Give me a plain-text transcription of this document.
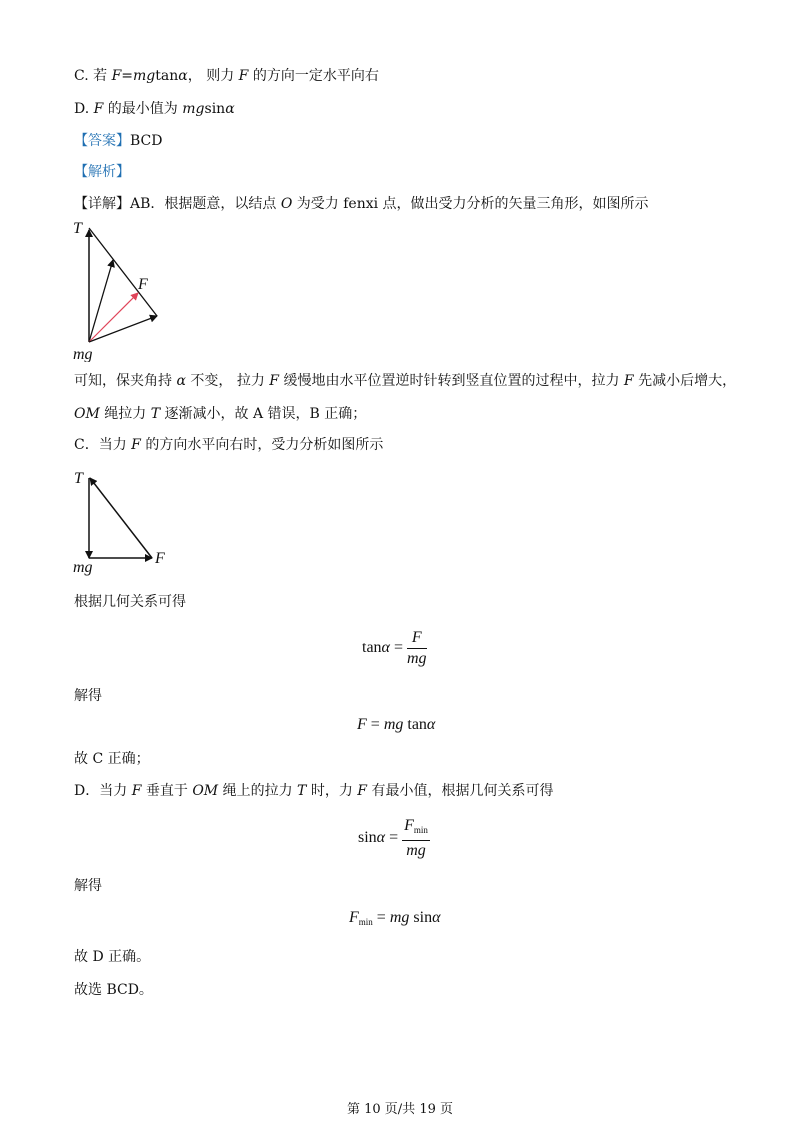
C. 若 F=mgtanα， 则力 F 的方向一定水平向右
D. F 的最小值为 mgsinα
【答案】BCD
【解析】
【详解】AB．根据题意，以结点 O 为受力 fenxi 点，做出受力分析的矢量三角形，如图所示
T
F
mg
可知，保夹角持 α 不变， 拉力 F 缓慢地由水平位置逆时针转到竖直位置的过程中，拉力 F 先减小后增大，
OM 绳拉力 T 逐渐减小，故 A 错误，B 正确；
C．当力 F 的方向水平向右时，受力分析如图所示
T
F
mg
根据几何关系可得
$\tan\alpha = \frac{F}{mg}$
解得
F = mg tanα
故 C 正确；
D．当力 F 垂直于 OM 绳上的拉力 T 时，力 F 有最小值，根据几何关系可得
$\sin\alpha = \frac{F_{min}}{mg}$
解得
$F_{min}$ = mg sinα
故 D 正确。
故选 BCD。
第 10 页/共 19 页
